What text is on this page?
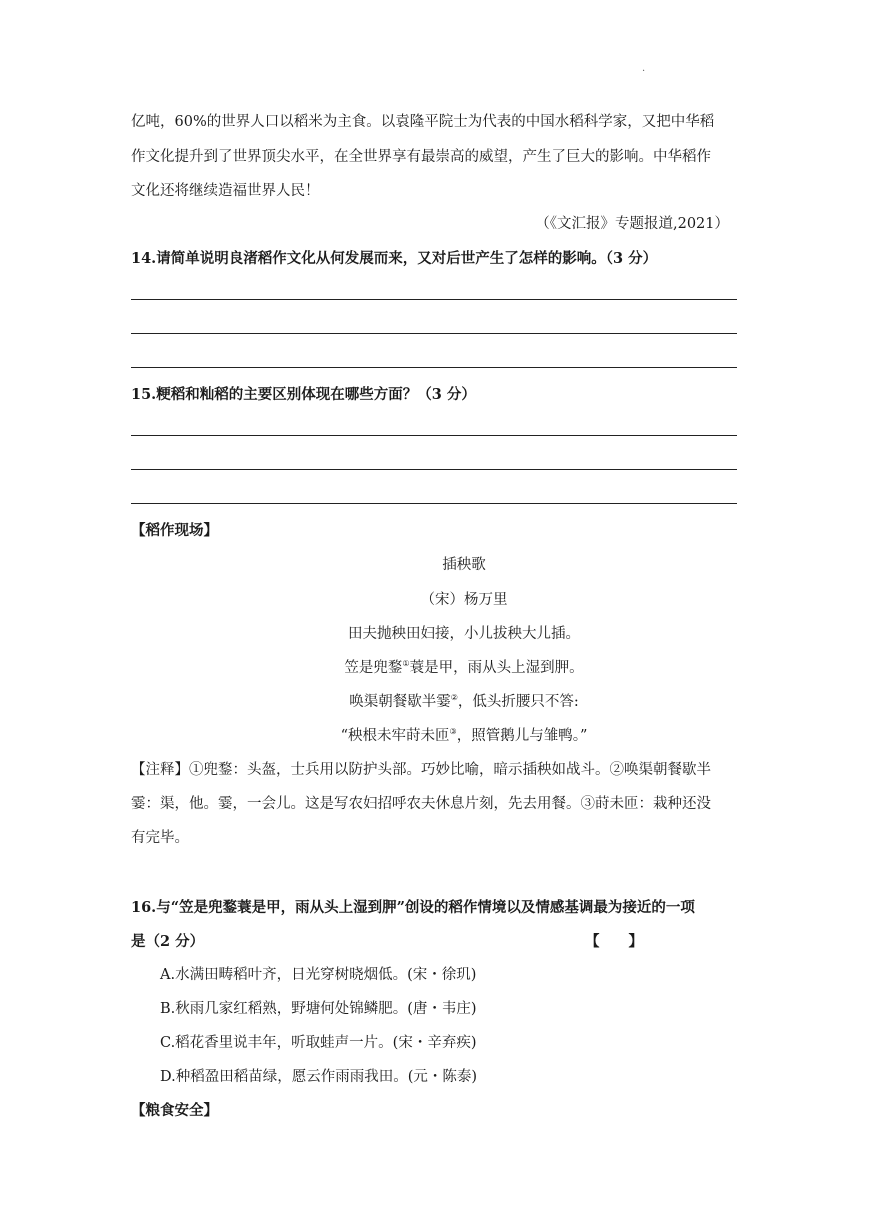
·
亿吨，60%的世界人口以稻米为主食。以袁隆平院士为代表的中国水稻科学家，又把中华稻
作文化提升到了世界顶尖水平，在全世界享有最崇高的威望，产生了巨大的影响。中华稻作
文化还将继续造福世界人民！
（《文汇报》专题报道,2021）
14.请简单说明良渚稻作文化从何发展而来，又对后世产生了怎样的影响。（3 分）
15.粳稻和籼稻的主要区别体现在哪些方面？（3 分）
【稻作现场】
插秧歌
（宋）杨万里
田夫抛秧田妇接，小儿拔秧大儿插。
笠是兜鍪①蓑是甲，雨从头上湿到胛。
唤渠朝餐歇半霎②，低头折腰只不答:
“秧根未牢莳未匝③，照管鹅儿与雏鸭。”
【注释】①兜鍪：头盔，士兵用以防护头部。巧妙比喻，暗示插秧如战斗。②唤渠朝餐歇半
霎：渠，他。霎，一会儿。这是写农妇招呼农夫休息片刻，先去用餐。③莳未匝：栽种还没
有完毕。
16.与“笠是兜鍪蓑是甲，雨从头上湿到胛”创设的稻作情境以及情感基调最为接近的一项
是（2 分）	【　　】
A.水满田畴稻叶齐，日光穿树晓烟低。(宋・徐玑)
B.秋雨几家红稻熟，野塘何处锦鳞肥。(唐・韦庄)
C.稻花香里说丰年，听取蛙声一片。(宋・辛弃疾)
D.种稻盈田稻苗绿，愿云作雨雨我田。(元・陈泰)
【粮食安全】
